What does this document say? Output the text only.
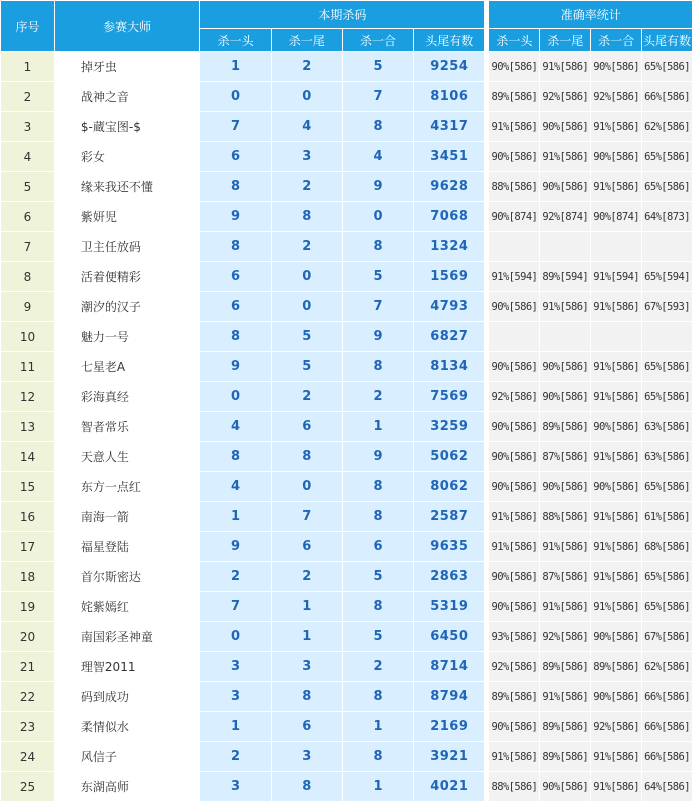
序号	参赛大师	本期杀码					准确率统计			
		杀一头	杀一尾	杀一合	头尾有数		杀一头	杀一尾	杀一合	头尾有数
1	掉牙虫	1	2	5	9254		90%[586]	91%[586]	90%[586]	65%[586]
2	战神之音	0	0	7	8106		89%[586]	92%[586]	92%[586]	66%[586]
3	$-蔵宝图-$	7	4	8	4317		91%[586]	90%[586]	91%[586]	62%[586]
4	彩女	6	3	4	3451		90%[586]	91%[586]	90%[586]	65%[586]
5	缘来我还不懂	8	2	9	9628		88%[586]	90%[586]	91%[586]	65%[586]
6	紫妍児	9	8	0	7068		90%[874]	92%[874]	90%[874]	64%[873]
7	卫主任放码	8	2	8	1324					
8	活着便精彩	6	0	5	1569		91%[594]	89%[594]	91%[594]	65%[594]
9	潮汐的汉子	6	0	7	4793		90%[586]	91%[586]	91%[586]	67%[593]
10	魅力一号	8	5	9	6827					
11	七星老A	9	5	8	8134		90%[586]	90%[586]	91%[586]	65%[586]
12	彩海真经	0	2	2	7569		92%[586]	90%[586]	91%[586]	65%[586]
13	智者常乐	4	6	1	3259		90%[586]	89%[586]	90%[586]	63%[586]
14	天意人生	8	8	9	5062		90%[586]	87%[586]	91%[586]	63%[586]
15	东方一点红	4	0	8	8062		90%[586]	90%[586]	90%[586]	65%[586]
16	南海一箭	1	7	8	2587		91%[586]	88%[586]	91%[586]	61%[586]
17	福星登陆	9	6	6	9635		91%[586]	91%[586]	91%[586]	68%[586]
18	首尔斯密达	2	2	5	2863		90%[586]	87%[586]	91%[586]	65%[586]
19	姹紫嫣红	7	1	8	5319		90%[586]	91%[586]	91%[586]	65%[586]
20	南国彩圣神童	0	1	5	6450		93%[586]	92%[586]	90%[586]	67%[586]
21	理智2011	3	3	2	8714		92%[586]	89%[586]	89%[586]	62%[586]
22	码到成功	3	8	8	8794		89%[586]	91%[586]	90%[586]	66%[586]
23	柔情似水	1	6	1	2169		90%[586]	89%[586]	92%[586]	66%[586]
24	风信子	2	3	8	3921		91%[586]	89%[586]	91%[586]	66%[586]
25	东湖高师	3	8	1	4021		88%[586]	90%[586]	91%[586]	64%[586]
